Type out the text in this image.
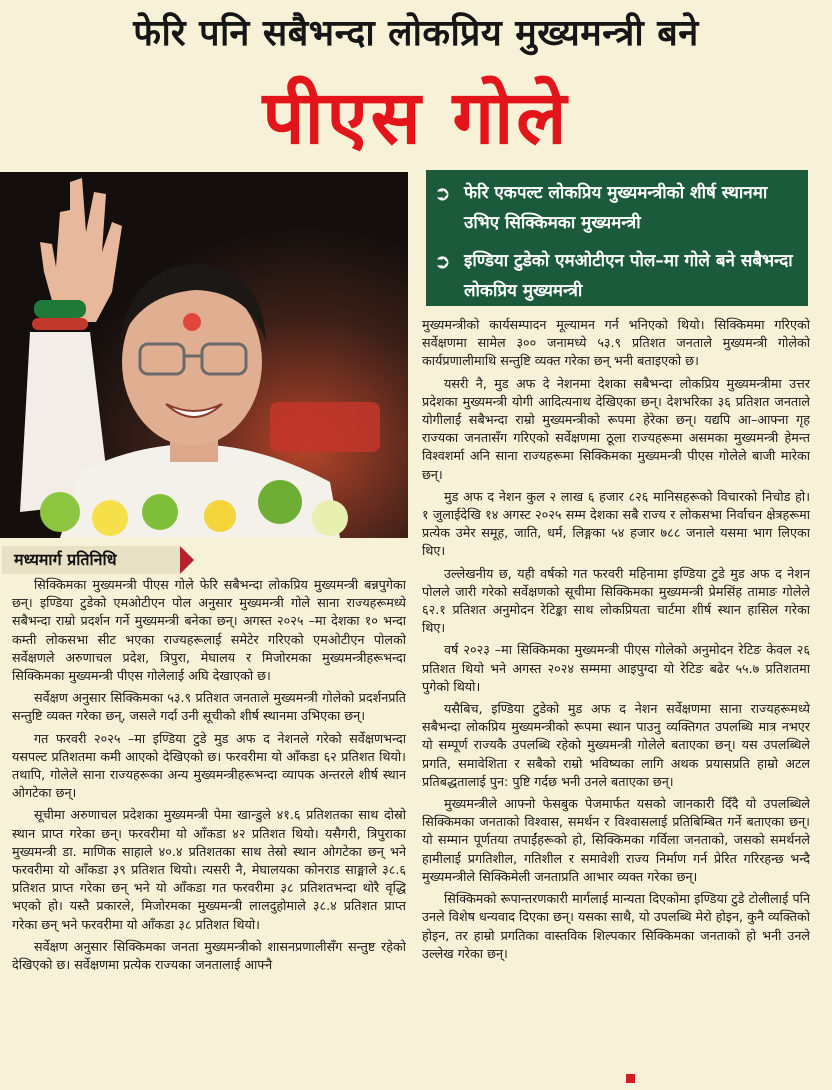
फेरि पनि सबैभन्दा लोकप्रिय मुख्यमन्त्री बने
पीएस गोले
➲ फेरि एकपल्ट लोकप्रिय मुख्यमन्त्रीको शीर्ष स्थानमा उभिए सिक्किमका मुख्यमन्त्री
➲ इण्डिया टुडेको एमओटीएन पोल–मा गोले बने सबैभन्दा लोकप्रिय मुख्यमन्त्री
मध्यमार्ग प्रतिनिधि

सिक्किमका मुख्यमन्त्री पीएस गोले फेरि सबैभन्दा लोकप्रिय मुख्यमन्त्री बन्नपुगेका छन्। इण्डिया टुडेको एमओटीएन पोल अनुसार मुख्यमन्त्री गोले साना राज्यहरूमध्ये सबैभन्दा राम्रो प्रदर्शन गर्ने मुख्यमन्त्री बनेका छन्। अगस्त २०२५ –मा देशका १० भन्दा कम्ती लोकसभा सीट भएका राज्यहरूलाई समेटेर गरिएको एमओटीएन पोलको सर्वेक्षणले अरुणाचल प्रदेश, त्रिपुरा, मेघालय र मिजोरमका मुख्यमन्त्रीहरूभन्दा सिक्किमका मुख्यमन्त्री पीएस गोलेलाई अघि देखाएको छ।

सर्वेक्षण अनुसार सिक्किमका ५३.९ प्रतिशत जनताले मुख्यमन्त्री गोलेको प्रदर्शनप्रति सन्तुष्टि व्यक्त गरेका छन्, जसले गर्दा उनी सूचीको शीर्ष स्थानमा उभिएका छन्।

गत फरवरी २०२५ –मा इण्डिया टुडे मुड अफ द नेशनले गरेको सर्वेक्षणभन्दा यसपल्ट प्रतिशतमा कमी आएको देखिएको छ। फरवरीमा यो आँकडा ६२ प्रतिशत थियो। तथापि, गोलेले साना राज्यहरूका अन्य मुख्यमन्त्रीहरूभन्दा व्यापक अन्तरले शीर्ष स्थान ओगटेका छन्।

सूचीमा अरुणाचल प्रदेशका मुख्यमन्त्री पेमा खान्डुले ४१.६ प्रतिशतका साथ दोस्रो स्थान प्राप्त गरेका छन्। फरवरीमा यो आँकडा ४२ प्रतिशत थियो। यसैगरी, त्रिपुराका मुख्यमन्त्री डा. माणिक साहाले ४०.४ प्रतिशतका साथ तेस्रो स्थान ओगटेका छन् भने फरवरीमा यो आँकडा ३९ प्रतिशत थियो। त्यसरी नै, मेघालयका कोनराड साङ्माले ३८.६ प्रतिशत प्राप्त गरेका छन् भने यो आँकडा गत फरवरीमा ३८ प्रतिशतभन्दा थोरै वृद्धि भएको हो। यस्तै प्रकारले, मिजोरमका मुख्यमन्त्री लालदुहोमाले ३८.४ प्रतिशत प्राप्त गरेका छन् भने फरवरीमा यो आँकडा ३८ प्रतिशत थियो।

सर्वेक्षण अनुसार सिक्किमका जनता मुख्यमन्त्रीको शासनप्रणालीसँग सन्तुष्ट रहेको देखिएको छ। सर्वेक्षणमा प्रत्येक राज्यका जनतालाई आफ्नै

मुख्यमन्त्रीको कार्यसम्पादन मूल्यामन गर्न भनिएको थियो। सिक्किममा गरिएको सर्वेक्षणमा सामेल ३०० जनामध्ये ५३.९ प्रतिशत जनताले मुख्यमन्त्री गोलेको कार्यप्रणालीमाथि सन्तुष्टि व्यक्त गरेका छन् भनी बताइएको छ।

यसरी नै, मुड अफ दे नेशनमा देशका सबैभन्दा लोकप्रिय मुख्यमन्त्रीमा उत्तर प्रदेशका मुख्यमन्त्री योगी आदित्यनाथ देखिएका छन्। देशभरिका ३६ प्रतिशत जनताले योगीलाई सबैभन्दा राम्रो मुख्यमन्त्रीको रूपमा हेरेका छन्। यद्यपि आ–आफ्ना गृह राज्यका जनतासँग गरिएको सर्वेक्षणमा ठूला राज्यहरूमा असमका मुख्यमन्त्री हेमन्त विश्वशर्मा अनि साना राज्यहरूमा सिक्किमका मुख्यमन्त्री पीएस गोलेले बाजी मारेका छन्।

मुड अफ द नेशन कुल २ लाख ६ हजार ८२६ मानिसहरूको विचारको निचोड हो। १ जुलाईदेखि १४ अगस्ट २०२५ सम्म देशका सबै राज्य र लोकसभा निर्वाचन क्षेत्रहरूमा प्रत्येक उमेर समूह, जाति, धर्म, लिङ्गका ५४ हजार ७८८ जनाले यसमा भाग लिएका थिए।

उल्लेखनीय छ, यही वर्षको गत फरवरी महिनामा इण्डिया टुडे मुड अफ द नेशन पोलले जारी गरेको सर्वेक्षणको सूचीमा सिक्किमका मुख्यमन्त्री प्रेमसिंह तामाङ गोलेले ६२.१ प्रतिशत अनुमोदन रेटिङ्का साथ लोकप्रियता चार्टमा शीर्ष स्थान हासिल गरेका थिए।

वर्ष २०२३ –मा सिक्किमका मुख्यमन्त्री पीएस गोलेको अनुमोदन रेटिङ केवल २६ प्रतिशत थियो भने अगस्त २०२४ सम्ममा आइपुग्दा यो रेटिङ बढेर ५५.७ प्रतिशतमा पुगेको थियो।

यसैबिच, इण्डिया टुडेको मुड अफ द नेशन सर्वेक्षणमा साना राज्यहरूमध्ये सबैभन्दा लोकप्रिय मुख्यमन्त्रीको रूपमा स्थान पाउनु व्यक्तिगत उपलब्धि मात्र नभएर यो सम्पूर्ण राज्यकै उपलब्धि रहेको मुख्यमन्त्री गोलेले बताएका छन्। यस उपलब्धिले प्रगति, समावेशिता र सबैको राम्रो भविष्यका लागि अथक प्रयासप्रति हाम्रो अटल प्रतिबद्धतालाई पुन: पुष्टि गर्दछ भनी उनले बताएका छन्।

मुख्यमन्त्रीले आफ्नो फेसबुक पेजमार्फत यसको जानकारी दिँदै यो उपलब्धिले सिक्किमका जनताको विश्वास, समर्थन र विश्वासलाई प्रतिबिम्बित गर्ने बताएका छन्। यो सम्मान पूर्णतया तपाईंहरूको हो, सिक्किमका गर्विला जनताको, जसको समर्थनले हामीलाई प्रगतिशील, गतिशील र समावेशी राज्य निर्माण गर्न प्रेरित गरिरहन्छ भन्दै मुख्यमन्त्रीले सिक्किमेली जनताप्रति आभार व्यक्त गरेका छन्।

सिक्किमको रूपान्तरणकारी मार्गलाई मान्यता दिएकोमा इण्डिया टुडे टोलीलाई पनि उनले विशेष धन्यवाद दिएका छन्। यसका साथै, यो उपलब्धि मेरो होइन, कुनै व्यक्तिको होइन, तर हाम्रो प्रगतिका वास्तविक शिल्पकार सिक्किमका जनताको हो भनी उनले उल्लेख गरेका छन्।
